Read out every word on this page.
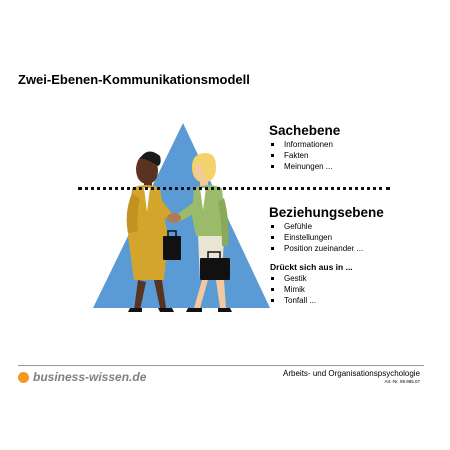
Zwei-Ebenen-Kommunikationsmodell
Sachebene
Informationen
Fakten
Meinungen ...
Beziehungsebene
Gefühle
Einstellungen
Position zueinander ...
Drückt sich aus in ...
Gestik
Mimik
Tonfall ...
business-wissen.de	Arbeits- und Organisationspsychologie
Art.-Nr. 99.985.07
